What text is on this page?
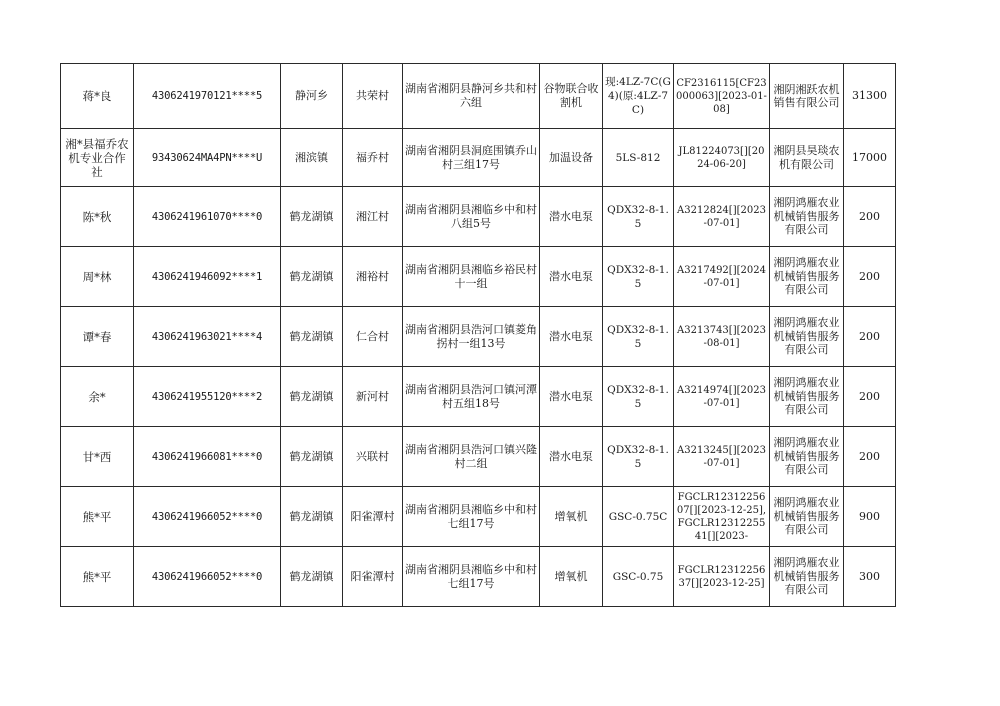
蒋*良	4306241970121****5	静河乡	共荣村	湖南省湘阴县静河乡共和村六组	谷物联合收割机	现:4LZ-7C(G4)(原:4LZ-7C)	CF2316115[CF23000063][2023-01-08]	湘阴湘跃农机销售有限公司	31300
湘*县福乔农机专业合作社	93430624MA4PN****U	湘滨镇	福乔村	湖南省湘阴县洞庭围镇乔山村三组17号	加温设备	5LS-812	JL81224073[][2024-06-20]	湘阴县昊琰农机有限公司	17000
陈*秋	4306241961070****0	鹤龙湖镇	湘江村	湖南省湘阴县湘临乡中和村八组5号	潜水电泵	QDX32-8-1.5	A3212824[][2023-07-01]	湘阴鸿雁农业机械销售服务有限公司	200
周*林	4306241946092****1	鹤龙湖镇	湘裕村	湖南省湘阴县湘临乡裕民村十一组	潜水电泵	QDX32-8-1.5	A3217492[][2024-07-01]	湘阴鸿雁农业机械销售服务有限公司	200
谭*春	4306241963021****4	鹤龙湖镇	仁合村	湖南省湘阴县浩河口镇菱角拐村一组13号	潜水电泵	QDX32-8-1.5	A3213743[][2023-08-01]	湘阴鸿雁农业机械销售服务有限公司	200
余*	4306241955120****2	鹤龙湖镇	新河村	湖南省湘阴县浩河口镇河潭村五组18号	潜水电泵	QDX32-8-1.5	A3214974[][2023-07-01]	湘阴鸿雁农业机械销售服务有限公司	200
甘*西	4306241966081****0	鹤龙湖镇	兴联村	湖南省湘阴县浩河口镇兴隆村二组	潜水电泵	QDX32-8-1.5	A3213245[][2023-07-01]	湘阴鸿雁农业机械销售服务有限公司	200
熊*平	4306241966052****0	鹤龙湖镇	阳雀潭村	湖南省湘阴县湘临乡中和村七组17号	增氧机	GSC-0.75C	FGCLR1231225607[][2023-12-25],FGCLR1231225541[][2023-	湘阴鸿雁农业机械销售服务有限公司	900
熊*平	4306241966052****0	鹤龙湖镇	阳雀潭村	湖南省湘阴县湘临乡中和村七组17号	增氧机	GSC-0.75	FGCLR1231225637[][2023-12-25]	湘阴鸿雁农业机械销售服务有限公司	300
